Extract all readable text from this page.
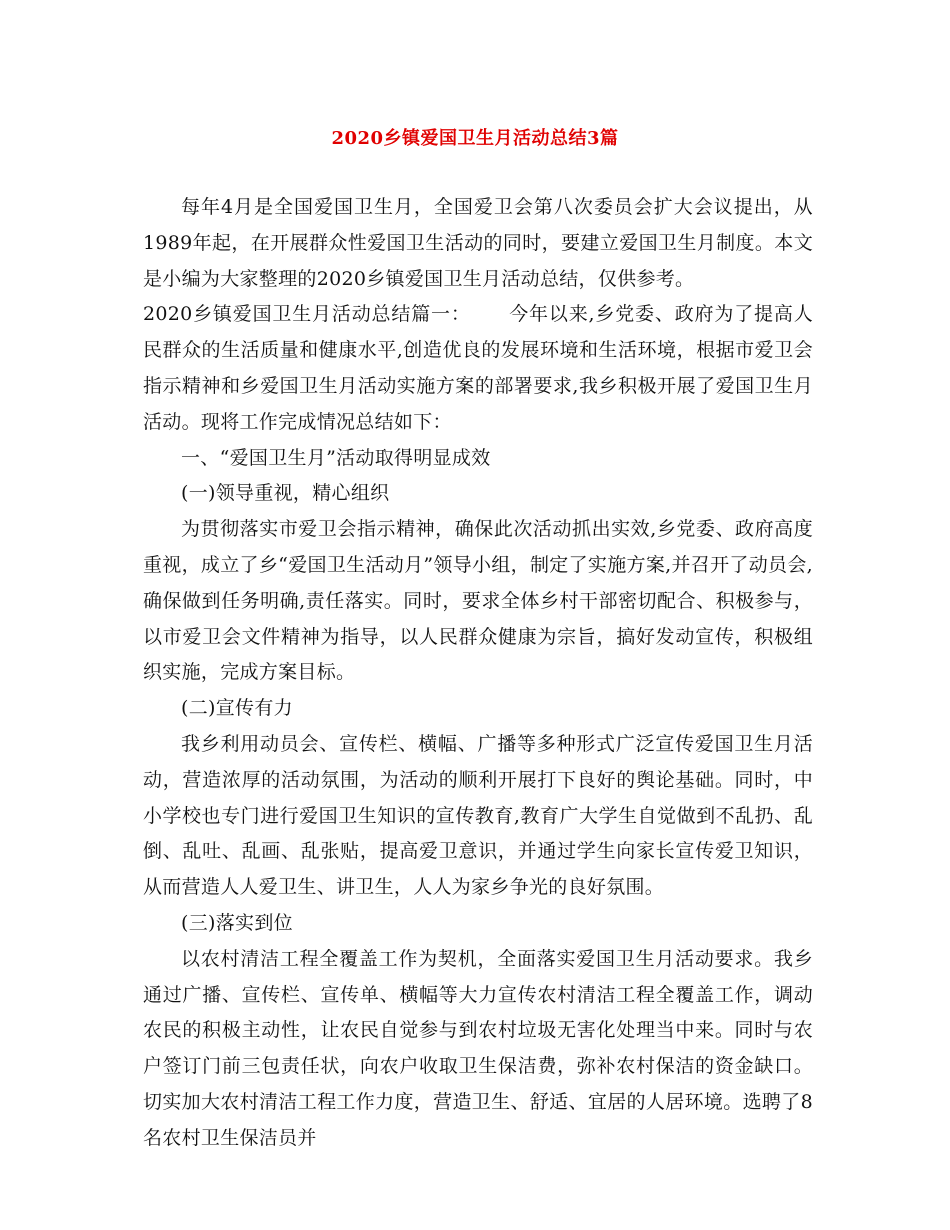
2020乡镇爱国卫生月活动总结3篇

每年4月是全国爱国卫生月，全国爱卫会第八次委员会扩大会议提出，从1989年起，在开展群众性爱国卫生活动的同时，要建立爱国卫生月制度。本文是小编为大家整理的2020乡镇爱国卫生月活动总结，仅供参考。

2020乡镇爱国卫生月活动总结篇一： 今年以来,乡党委、政府为了提高人民群众的生活质量和健康水平,创造优良的发展环境和生活环境，根据市爱卫会指示精神和乡爱国卫生月活动实施方案的部署要求,我乡积极开展了爱国卫生月活动。现将工作完成情况总结如下：

一、“爱国卫生月”活动取得明显成效

(一)领导重视，精心组织

为贯彻落实市爱卫会指示精神，确保此次活动抓出实效,乡党委、政府高度重视，成立了乡“爱国卫生活动月”领导小组，制定了实施方案,并召开了动员会,确保做到任务明确,责任落实。同时，要求全体乡村干部密切配合、积极参与，以市爱卫会文件精神为指导，以人民群众健康为宗旨，搞好发动宣传，积极组织实施，完成方案目标。

(二)宣传有力

我乡利用动员会、宣传栏、横幅、广播等多种形式广泛宣传爱国卫生月活动，营造浓厚的活动氛围，为活动的顺利开展打下良好的舆论基础。同时，中小学校也专门进行爱国卫生知识的宣传教育,教育广大学生自觉做到不乱扔、乱倒、乱吐、乱画、乱张贴，提高爱卫意识，并通过学生向家长宣传爱卫知识，从而营造人人爱卫生、讲卫生，人人为家乡争光的良好氛围。

(三)落实到位

以农村清洁工程全覆盖工作为契机，全面落实爱国卫生月活动要求。我乡通过广播、宣传栏、宣传单、横幅等大力宣传农村清洁工程全覆盖工作，调动农民的积极主动性，让农民自觉参与到农村垃圾无害化处理当中来。同时与农户签订门前三包责任状，向农户收取卫生保洁费，弥补农村保洁的资金缺口。切实加大农村清洁工程工作力度，营造卫生、舒适、宜居的人居环境。选聘了8名农村卫生保洁员并
